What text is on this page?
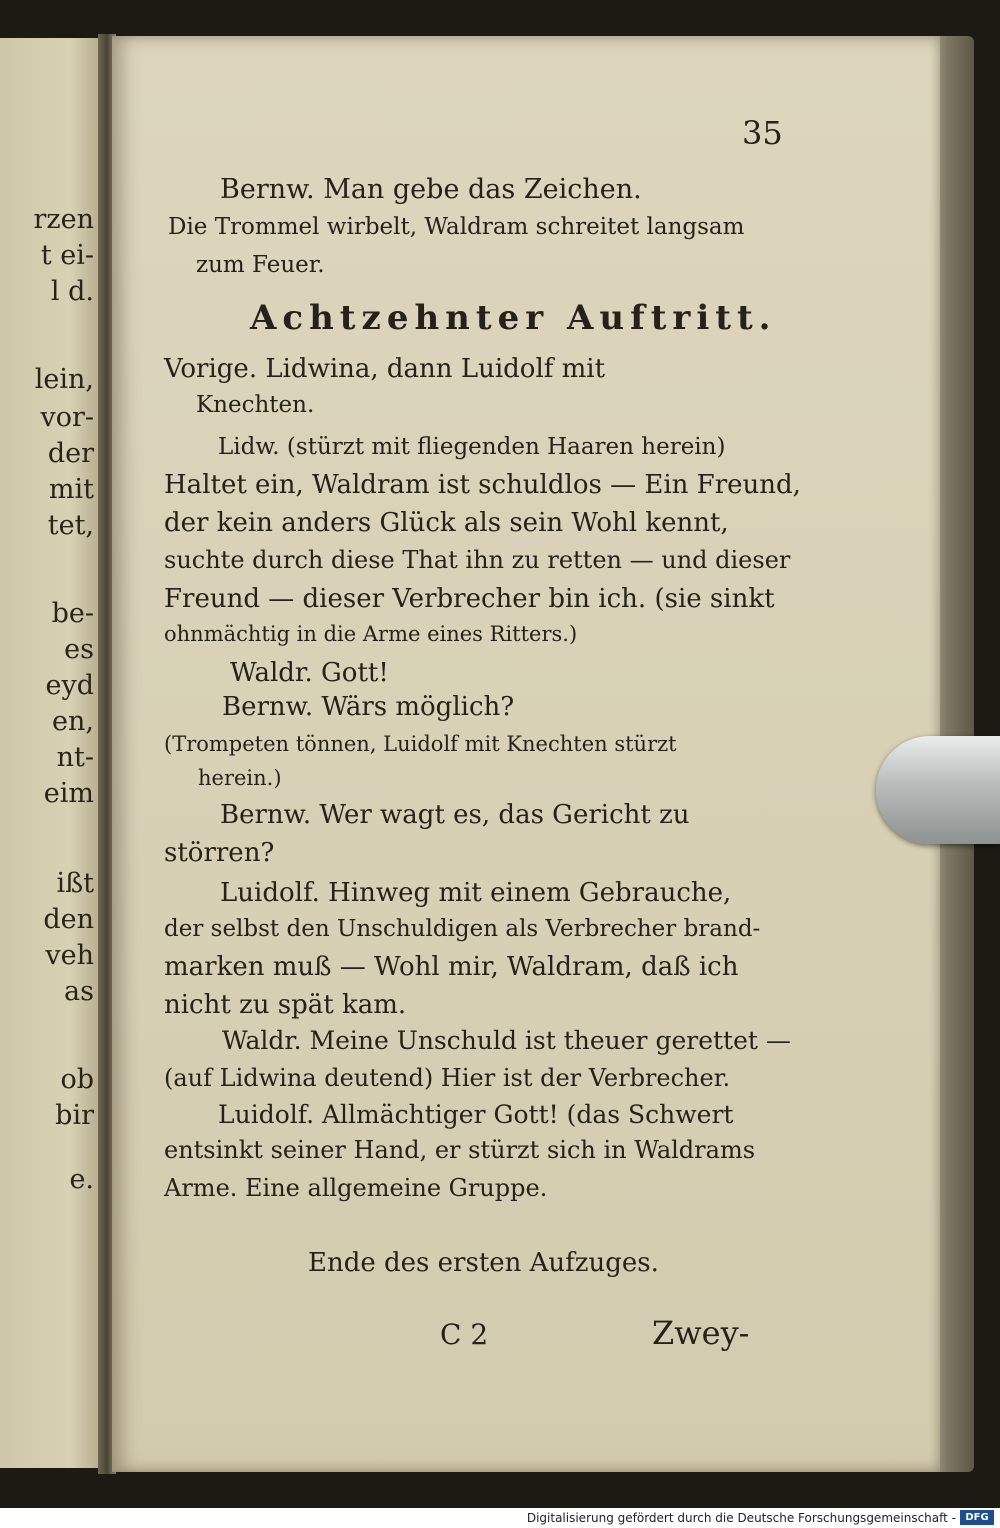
rzen
t ei-
l d.
lein,
vor-
der
mit
tet,
be-
es
eyd
en,
nt-
eim
ißt
den
veh
as
ob
bir
e.
35
Bernw. Man gebe das Zeichen.
Die Trommel wirbelt, Waldram schreitet langsam
zum Feuer.
Achtzehnter Auftritt.
Vorige. Lidwina, dann Luidolf mit
Knechten.
Lidw. (stürzt mit fliegenden Haaren herein)
Haltet ein, Waldram ist schuldlos — Ein Freund,
der kein anders Glück als sein Wohl kennt,
suchte durch diese That ihn zu retten — und dieser
Freund — dieser Verbrecher bin ich. (sie sinkt
ohnmächtig in die Arme eines Ritters.)
Waldr. Gott!
Bernw. Wärs möglich?
(Trompeten tönnen, Luidolf mit Knechten stürzt
herein.)
Bernw. Wer wagt es, das Gericht zu
störren?
Luidolf. Hinweg mit einem Gebrauche,
der selbst den Unschuldigen als Verbrecher brand-
marken muß — Wohl mir, Waldram, daß ich
nicht zu spät kam.
Waldr. Meine Unschuld ist theuer gerettet —
(auf Lidwina deutend) Hier ist der Verbrecher.
Luidolf. Allmächtiger Gott! (das Schwert
entsinkt seiner Hand, er stürzt sich in Waldrams
Arme. Eine allgemeine Gruppe.
Ende des ersten Aufzuges.
C 2	Zwey-
Digitalisierung gefördert durch die Deutsche Forschungsgemeinschaft - DFG
